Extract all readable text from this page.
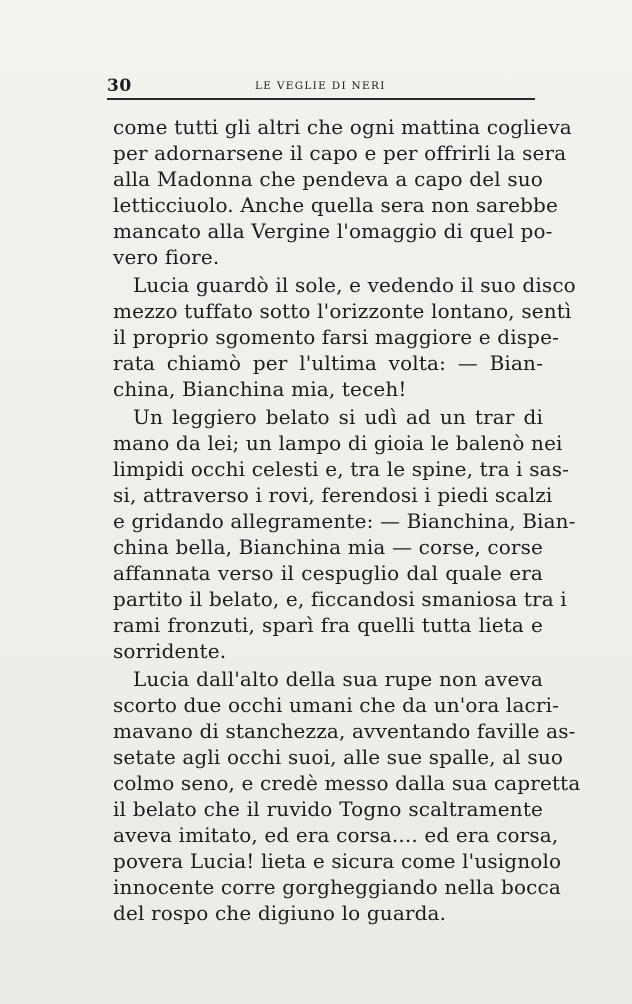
30	LE VEGLIE DI NERI
come tutti gli altri che ogni mattina coglieva
per adornarsene il capo e per offrirli la sera
alla Madonna che pendeva a capo del suo
letticciuolo. Anche quella sera non sarebbe
mancato alla Vergine l'omaggio di quel po-
vero fiore.
Lucia guardò il sole, e vedendo il suo disco
mezzo tuffato sotto l'orizzonte lontano, sentì
il proprio sgomento farsi maggiore e dispe-
rata chiamò per l'ultima volta: — Bian-
china, Bianchina mia, teceh!
Un leggiero belato si udì ad un trar di
mano da lei; un lampo di gioia le balenò nei
limpidi occhi celesti e, tra le spine, tra i sas-
si, attraverso i rovi, ferendosi i piedi scalzi
e gridando allegramente: — Bianchina, Bian-
china bella, Bianchina mia — corse, corse
affannata verso il cespuglio dal quale era
partito il belato, e, ficcandosi smaniosa tra i
rami fronzuti, sparì fra quelli tutta lieta e
sorridente.
Lucia dall'alto della sua rupe non aveva
scorto due occhi umani che da un'ora lacri-
mavano di stanchezza, avventando faville as-
setate agli occhi suoi, alle sue spalle, al suo
colmo seno, e credè messo dalla sua capretta
il belato che il ruvido Togno scaltramente
aveva imitato, ed era corsa.... ed era corsa,
povera Lucia! lieta e sicura come l'usignolo
innocente corre gorgheggiando nella bocca
del rospo che digiuno lo guarda.
